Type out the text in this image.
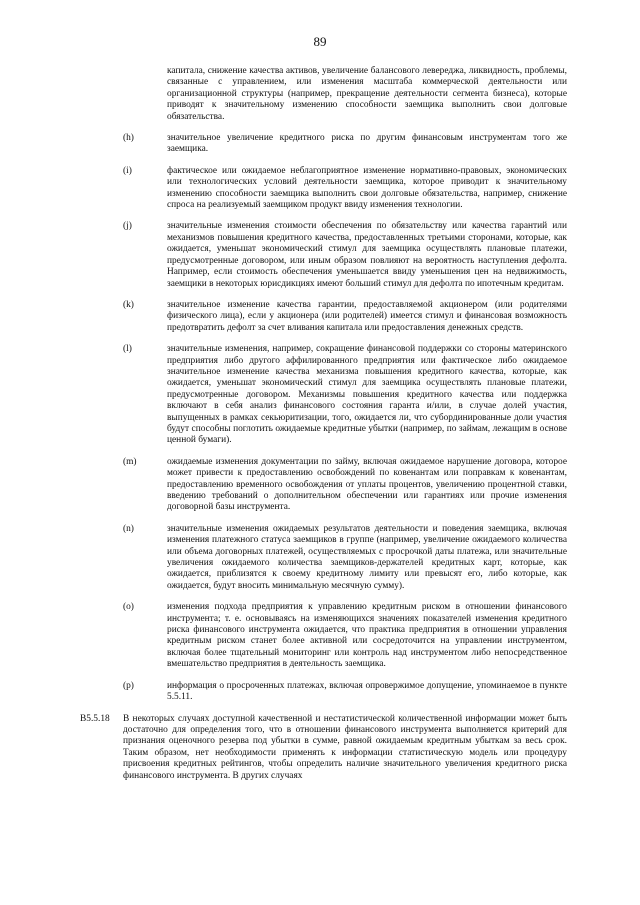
89
капитала, снижение качества активов, увеличение балансового левереджа, ликвидность, проблемы, связанные с управлением, или изменения масштаба коммерческой деятельности или организационной структуры (например, прекращение деятельности сегмента бизнеса), которые приводят к значительному изменению способности заемщика выполнить свои долговые обязательства.
(h)	значительное увеличение кредитного риска по другим финансовым инструментам того же заемщика.
(i)	фактическое или ожидаемое неблагоприятное изменение нормативно-правовых, экономических или технологических условий деятельности заемщика, которое приводит к значительному изменению способности заемщика выполнить свои долговые обязательства, например, снижение спроса на реализуемый заемщиком продукт ввиду изменения технологии.
(j)	значительные изменения стоимости обеспечения по обязательству или качества гарантий или механизмов повышения кредитного качества, предоставленных третьими сторонами, которые, как ожидается, уменьшат экономический стимул для заемщика осуществлять плановые платежи, предусмотренные договором, или иным образом повлияют на вероятность наступления дефолта. Например, если стоимость обеспечения уменьшается ввиду уменьшения цен на недвижимость, заемщики в некоторых юрисдикциях имеют больший стимул для дефолта по ипотечным кредитам.
(k)	значительное изменение качества гарантии, предоставляемой акционером (или родителями физического лица), если у акционера (или родителей) имеется стимул и финансовая возможность предотвратить дефолт за счет вливания капитала или предоставления денежных средств.
(l)	значительные изменения, например, сокращение финансовой поддержки со стороны материнского предприятия либо другого аффилированного предприятия или фактическое либо ожидаемое значительное изменение качества механизма повышения кредитного качества, которые, как ожидается, уменьшат экономический стимул для заемщика осуществлять плановые платежи, предусмотренные договором. Механизмы повышения кредитного качества или поддержка включают в себя анализ финансового состояния гаранта и/или, в случае долей участия, выпущенных в рамках секьюритизации, того, ожидается ли, что субординированные доли участия будут способны поглотить ожидаемые кредитные убытки (например, по займам, лежащим в основе ценной бумаги).
(m)	ожидаемые изменения документации по займу, включая ожидаемое нарушение договора, которое может привести к предоставлению освобождений по ковенантам или поправкам к ковенантам, предоставлению временного освобождения от уплаты процентов, увеличению процентной ставки, введению требований о дополнительном обеспечении или гарантиях или прочие изменения договорной базы инструмента.
(n)	значительные изменения ожидаемых результатов деятельности и поведения заемщика, включая изменения платежного статуса заемщиков в группе (например, увеличение ожидаемого количества или объема договорных платежей, осуществляемых с просрочкой даты платежа, или значительные увеличения ожидаемого количества заемщиков-держателей кредитных карт, которые, как ожидается, приблизятся к своему кредитному лимиту или превысят его, либо которые, как ожидается, будут вносить минимальную месячную сумму).
(o)	изменения подхода предприятия к управлению кредитным риском в отношении финансового инструмента; т. е. основываясь на изменяющихся значениях показателей изменения кредитного риска финансового инструмента ожидается, что практика предприятия в отношении управления кредитным риском станет более активной или сосредоточится на управлении инструментом, включая более тщательный мониторинг или контроль над инструментом либо непосредственное вмешательство предприятия в деятельность заемщика.
(p)	информация о просроченных платежах, включая опровержимое допущение, упоминаемое в пункте 5.5.11.
B5.5.18	В некоторых случаях доступной качественной и нестатистической количественной информации может быть достаточно для определения того, что в отношении финансового инструмента выполняется критерий для признания оценочного резерва под убытки в сумме, равной ожидаемым кредитным убыткам за весь срок. Таким образом, нет необходимости применять к информации статистическую модель или процедуру присвоения кредитных рейтингов, чтобы определить наличие значительного увеличения кредитного риска финансового инструмента. В других случаях
